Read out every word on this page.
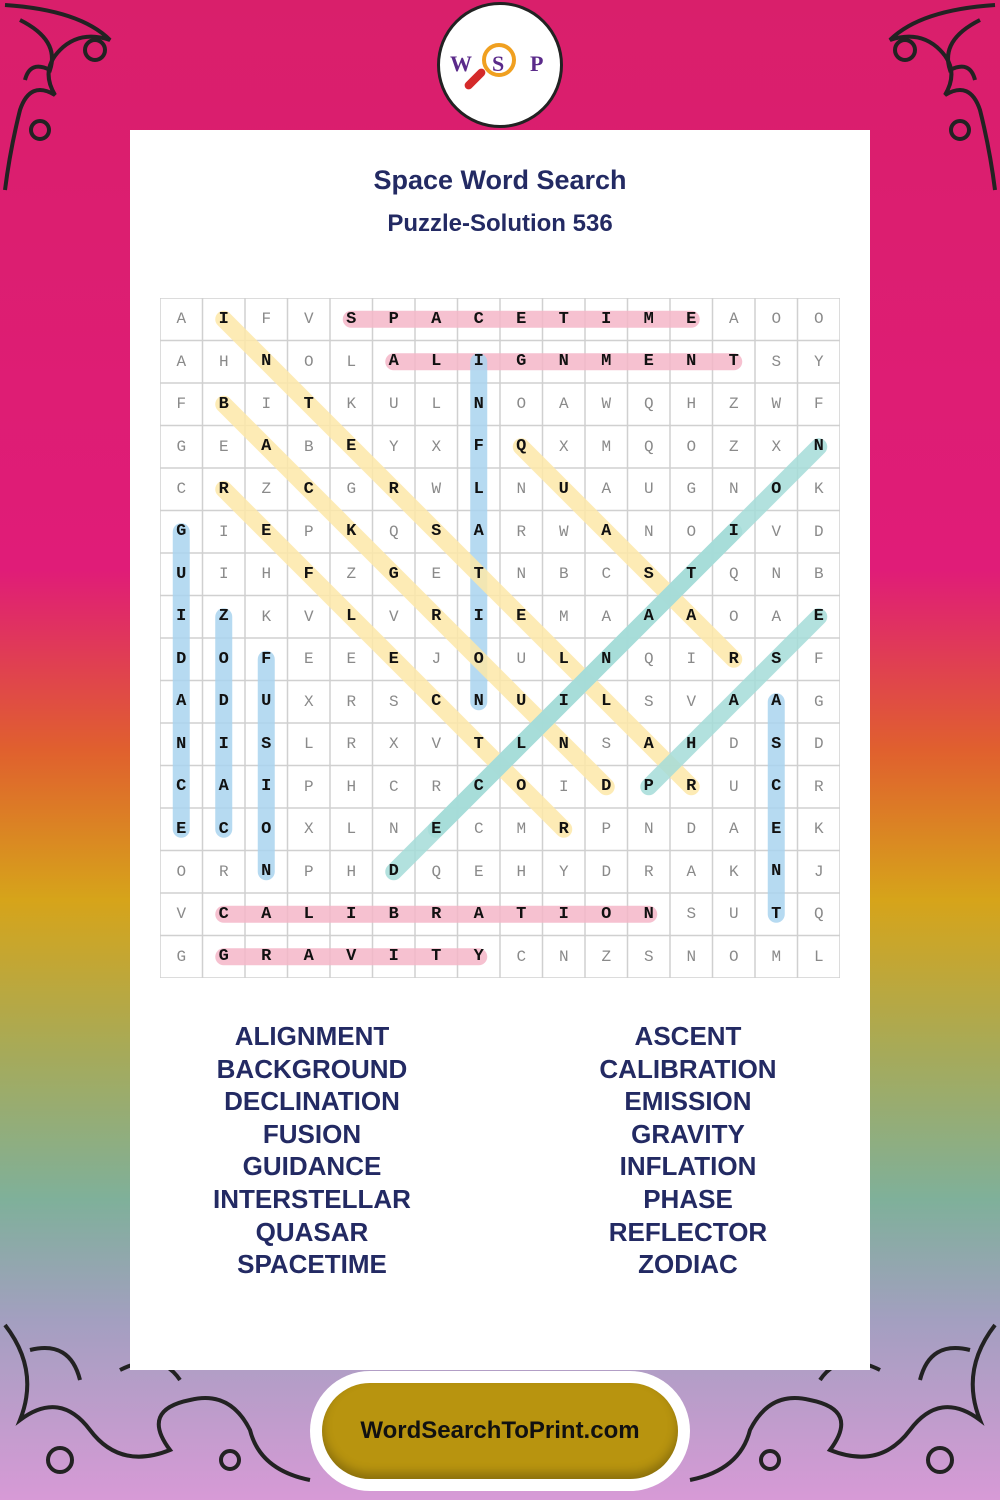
W S P
Space Word Search
Puzzle-Solution 536
A	I	F	V	S	P	A	C	E	T	I	M	E	A	O	O
A	H	N	O	L	A	L	I	G	N	M	E	N	T	S	Y
F	B	I	T	K	U	L	N	O	A	W	Q	H	Z	W	F
G	E	A	B	E	Y	X	F	Q	X	M	Q	O	Z	X	N
C	R	Z	C	G	R	W	L	N	U	A	U	G	N	O	K
G	I	E	P	K	Q	S	A	R	W	A	N	O	I	V	D
U	I	H	F	Z	G	E	T	N	B	C	S	T	Q	N	B
I	Z	K	V	L	V	R	I	E	M	A	A	A	O	A	E
D	O	F	E	E	E	J	O	U	L	N	Q	I	R	S	F
A	D	U	X	R	S	C	N	U	I	L	S	V	A	A	G
N	I	S	L	R	X	V	T	L	N	S	A	H	D	S	D
C	A	I	P	H	C	R	C	O	I	D	P	R	U	C	R
E	C	O	X	L	N	E	C	M	R	P	N	D	A	E	K
O	R	N	P	H	D	Q	E	H	Y	D	R	A	K	N	J
V	C	A	L	I	B	R	A	T	I	O	N	S	U	T	Q
G	G	R	A	V	I	T	Y	C	N	Z	S	N	O	M	L
ALIGNMENT
BACKGROUND
DECLINATION
FUSION
GUIDANCE
INTERSTELLAR
QUASAR
SPACETIME
ASCENT
CALIBRATION
EMISSION
GRAVITY
INFLATION
PHASE
REFLECTOR
ZODIAC
WordSearchToPrint.com
